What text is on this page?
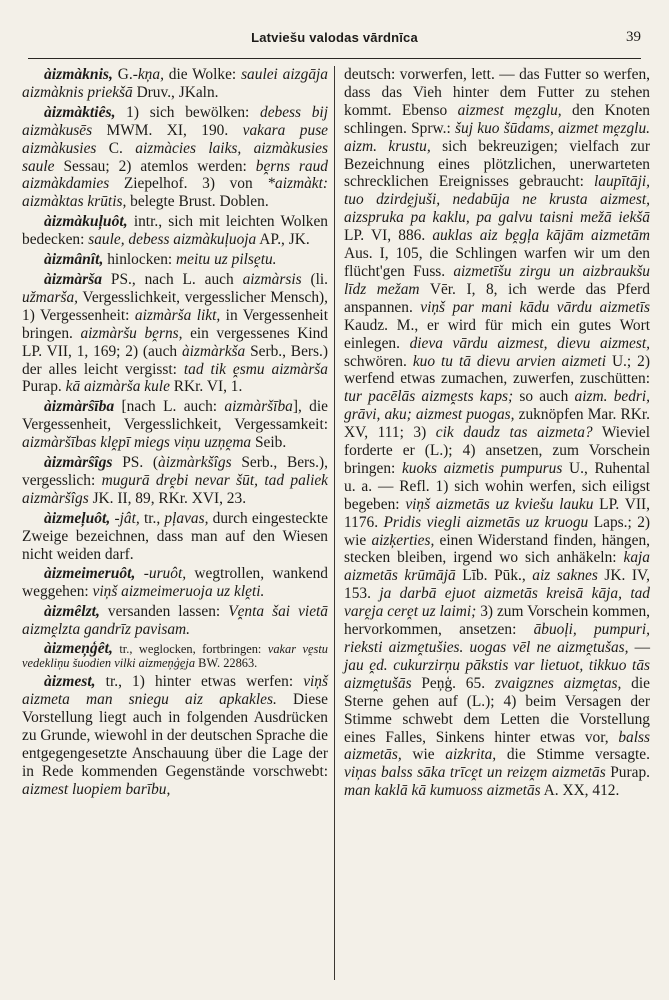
Latviešu valodas vārdnīca	39

àizmàknis, G.-kņa, die Wolke: saulei aizgāja aizmàknis priekšā Druv., JKaln.

àizmàktiês, 1) sich bewölken: debess bij aizmàkusēs MWM. XI, 190. vakara puse aizmàkusies C. aizmàcies laiks, aizmàkusies saule Sessau; 2) atemlos werden: bḙrns raud aizmàkdamies Ziepelhof. 3) von *aizmàkt: aizmàktas krūtis, belegte Brust. Doblen.

àizmàkuļuôt, intr., sich mit leichten Wolken bedecken: saule, debess aizmàkuļuoja AP., JK.

àizmânît, hinlocken: meitu uz pilsḙtu.

àizmàrša PS., nach L. auch aizmàrsis (li. užmarša, Vergesslichkeit, vergesslicher Mensch), 1) Vergessenheit: aizmàrša likt, in Vergessenheit bringen. aizmàršu bḙrns, ein vergessenes Kind LP. VII, 1, 169; 2) (auch àizmàrkša Serb., Bers.) der alles leicht vergisst: tad tik ḙsmu aizmàrša Purap. kā aizmàrša kule RKr. VI, 1.

àizmàrŝība [nach L. auch: aizmàršība], die Vergessenheit, Vergesslichkeit, Vergessamkeit: aizmàršības klḙpī miegs viņu uzņḙma Seib.

àizmàrŝîgs PS. (àizmàrkšîgs Serb., Bers.), vergesslich: mugurā drḙbi nevar šūt, tad paliek aizmàršîgs JK. II, 89, RKr. XVI, 23.

àizmeļuôt, -jât, tr., pļavas, durch eingesteckte Zweige bezeichnen, dass man auf den Wiesen nicht weiden darf.

àizmeimeruôt, -uruôt, wegtrollen, wankend weggehen: viņš aizmeimeruoja uz klḙti.

àizmêlzt, versanden lassen: Vḙnta šai vietā aizmḙlzta gandrīz pavisam.

àizmeņģêt, tr., weglocken, fortbringen: vakar vḙstu vedekliņu šuodien vilki aizmeņģḙja BW. 22863.

àizmest, tr., 1) hinter etwas werfen: viņš aizmeta man sniegu aiz apkakles. Diese Vorstellung liegt auch in folgenden Ausdrücken zu Grunde, wiewohl in der deutschen Sprache die entgegengesetzte Anschauung über die Lage der in Rede kommenden Gegenstände vorschwebt: aizmest luopiem barību,

deutsch: vorwerfen, lett. — das Futter so werfen, dass das Vieh hinter dem Futter zu stehen kommt. Ebenso aizmest mḙzglu, den Knoten schlingen. Sprw.: šuj kuo šūdams, aizmet mḙzglu. aizm. krustu, sich bekreuzigen; vielfach zur Bezeichnung eines plötzlichen, unerwarteten schrecklichen Ereignisses gebraucht: laupītāji, tuo dzirdḙjuši, nedabūja ne krusta aizmest, aizspruka pa kaklu, pa galvu taisni mežā iekšā LP. VI, 886. auklas aiz bḙgļa kājām aizmetām Aus. I, 105, die Schlingen warfen wir um den flücht'gen Fuss. aizmetīšu zirgu un aizbraukšu līdz mežam Vēr. I, 8, ich werde das Pferd anspannen. viņš par mani kādu vārdu aizmetīs Kaudz. M., er wird für mich ein gutes Wort einlegen. dieva vārdu aizmest, dievu aizmest, schwören. kuo tu tā dievu arvien aizmeti U.; 2) werfend etwas zumachen, zuwerfen, zuschütten: tur pacēlās aizmḙsts kaps; so auch aizm. bedri, grāvi, aku; aizmest puogas, zuknöpfen Mar. RKr. XV, 111; 3) cik daudz tas aizmeta? Wieviel forderte er (L.); 4) ansetzen, zum Vorschein bringen: kuoks aizmetis pumpurus U., Ruhental u. a. — Refl. 1) sich wohin werfen, sich eiligst begeben: viņš aizmetās uz kviešu lauku LP. VII, 1176. Pridis viegli aizmetās uz kruogu Laps.; 2) wie aizķerties, einen Widerstand finden, hängen, stecken bleiben, irgend wo sich anhäkeln: kaja aizmetās krūmājā Līb. Pūk., aiz saknes JK. IV, 153. ja darbā ejuot aizmetās kreisā kāja, tad varḙja cerḙt uz laimi; 3) zum Vorschein kommen, hervorkommen, ansetzen: ābuoļi, pumpuri, rieksti aizmḙtušies. uogas vēl ne aizmḙtušas, — jau ḙd. cukurzirņu pākstis var lietuot, tikkuo tās aizmḙtušās Peņģ. 65. zvaigznes aizmḙtas, die Sterne gehen auf (L.); 4) beim Versagen der Stimme schwebt dem Letten die Vorstellung eines Falles, Sinkens hinter etwas vor, balss aizmetās, wie aizkrita, die Stimme versagte. viņas balss sāka trīcḙt un reizḙm aizmetās Purap. man kaklā kā kumuoss aizmetās A. XX, 412.
